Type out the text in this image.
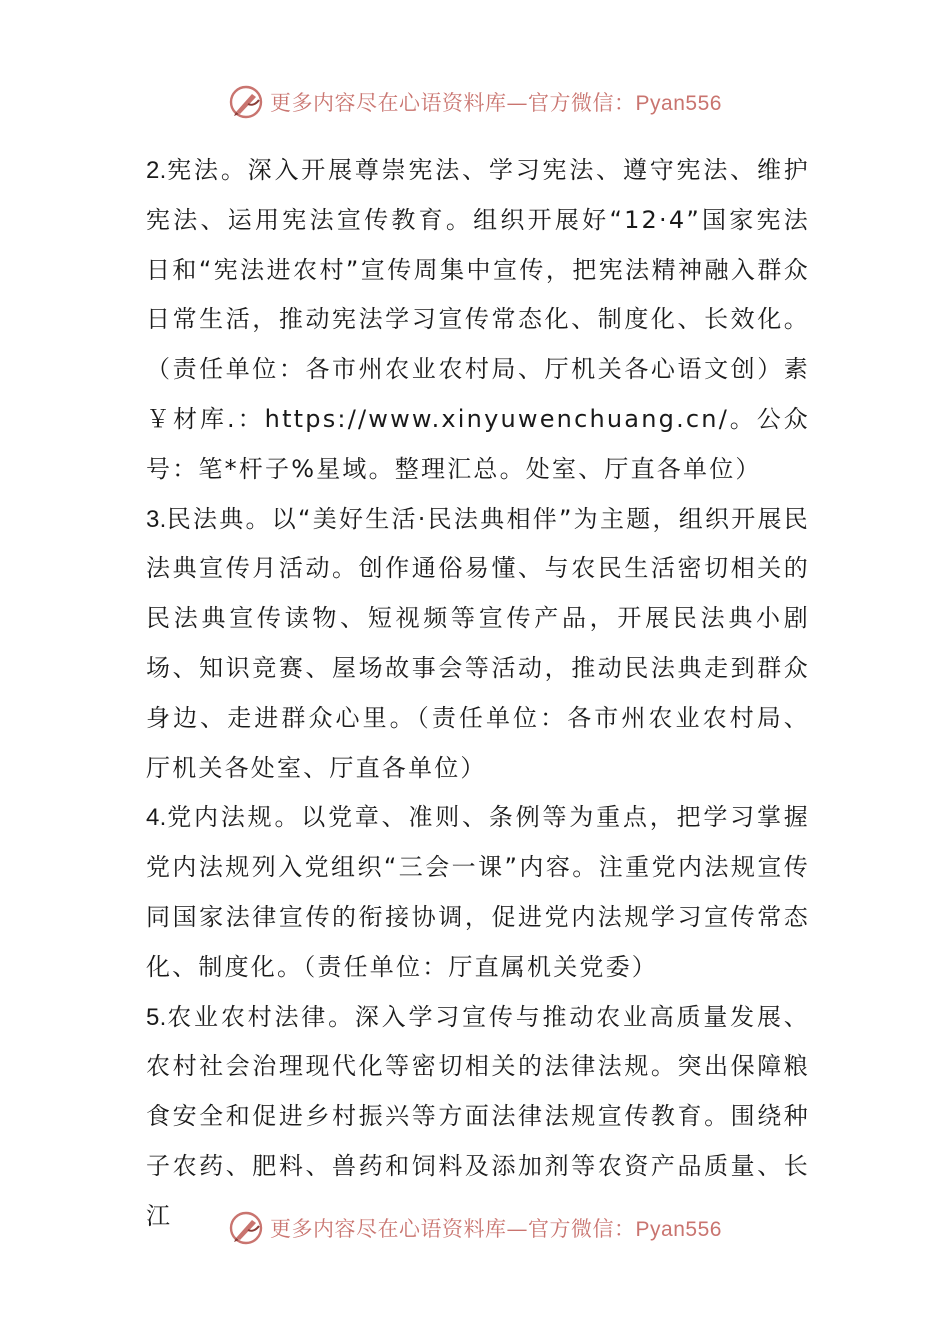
更多内容尽在心语资料库—官方微信：Pyan556

2.宪法。深入开展尊崇宪法、学习宪法、遵守宪法、维护宪法、运用宪法宣传教育。组织开展好“12·4”国家宪法日和“宪法进农村”宣传周集中宣传，把宪法精神融入群众日常生活，推动宪法学习宣传常态化、制度化、长效化。（责任单位：各市州农业农村局、厅机关各心语文创）素￥材库.：https://www.xinyuwenchuang.cn/。公众号：笔*杆子%星域。整理汇总。处室、厅直各单位）

3.民法典。以“美好生活·民法典相伴”为主题，组织开展民法典宣传月活动。创作通俗易懂、与农民生活密切相关的民法典宣传读物、短视频等宣传产品，开展民法典小剧场、知识竞赛、屋场故事会等活动，推动民法典走到群众身边、走进群众心里。（责任单位：各市州农业农村局、厅机关各处室、厅直各单位）

4.党内法规。以党章、准则、条例等为重点，把学习掌握党内法规列入党组织“三会一课”内容。注重党内法规宣传同国家法律宣传的衔接协调，促进党内法规学习宣传常态化、制度化。（责任单位：厅直属机关党委）

5.农业农村法律。深入学习宣传与推动农业高质量发展、农村社会治理现代化等密切相关的法律法规。突出保障粮食安全和促进乡村振兴等方面法律法规宣传教育。围绕种子农药、肥料、兽药和饲料及添加剂等农资产品质量、长江	更多内容尽在心语资料库—官方微信：Pyan556
